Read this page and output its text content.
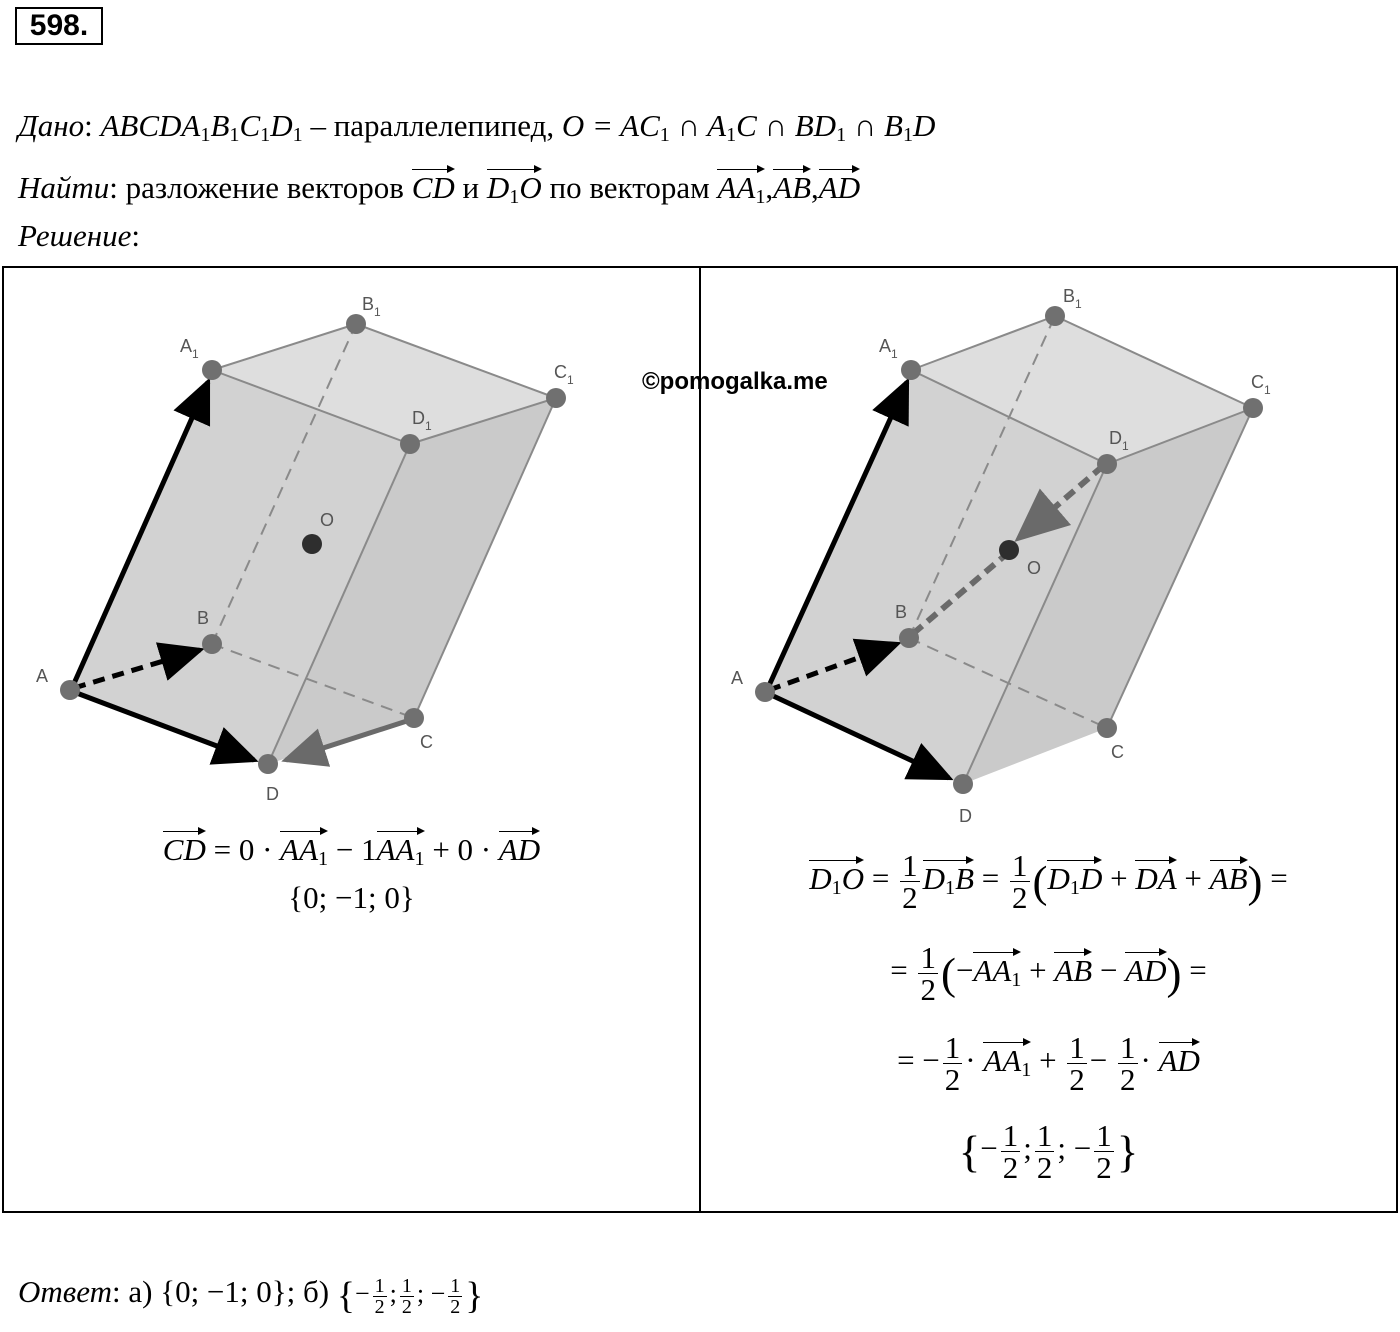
598.
Дано: $ABCDA_1B_1C_1D_1$ – параллелепипед, $O = AC_1$ ∩ $A_1C$ ∩ $BD_1$ ∩ $B_1D$
Найти: разложение векторов CD и $D_1O$ по векторам $AA_1,AB,AD$
Решение:
©pomogalka.me
A
B
C
D
$A_1$
$B_1$
$C_1$
$D_1$
O
CD = $0 \cdot AA_1 - 1AA_1 + 0$ · AD
{0; −1; 0}
A
B
C
D
$A_1$
$B_1$
$C_1$
$D_1$
O
$D_1O = \frac{1}{2} D_1B = \frac{1}{2} (D_1D$ + DA + AB) =
= $\frac{1}{2} (-AA_1$ + AB − AD) =
= − $\frac{1}{2} \cdot AA_1 + \frac{1}{2} - \frac{1}{2}$ · AD
{− $\frac{1}{2}$ ; $\frac{1}{2}$ ; − $\frac{1}{2}$ }
Ответ: а) {0; −1; 0}; б) {− $\frac{1}{2}$ ; $\frac{1}{2}$ ; − $\frac{1}{2}$ }
